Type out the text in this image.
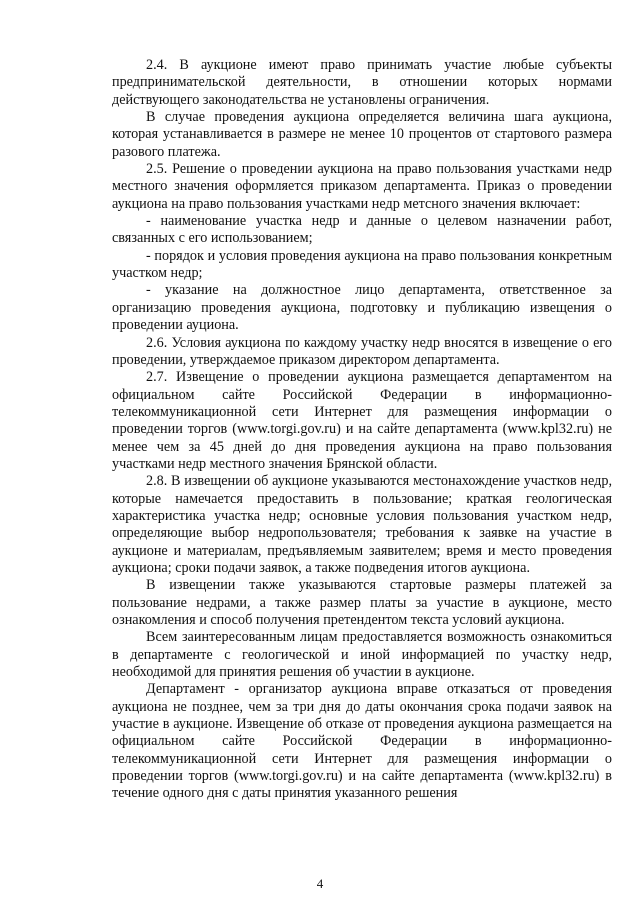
2.4. В аукционе имеют право принимать участие любые субъекты предпринимательской деятельности, в отношении которых нормами действующего законодательства не установлены ограничения.

В случае проведения аукциона определяется величина шага аукциона, которая устанавливается в размере не менее 10 процентов от стартового размера разового платежа.

2.5. Решение о проведении аукциона на право пользования участками недр местного значения оформляется приказом департамента. Приказ о проведении аукциона на право пользования участками недр метсного значения включает:

- наименование участка недр и данные о целевом назначении работ, связанных с его использованием;

- порядок и условия проведения аукциона на право пользования конкретным участком недр;

- указание на должностное лицо департамента, ответственное за организацию проведения аукциона, подготовку и публикацию извещения о проведении ауциона.

2.6. Условия аукциона по каждому участку недр вносятся в извещение о его проведении, утверждаемое приказом директором департамента.

2.7. Извещение о проведении аукциона размещается департаментом на официальном сайте Российской Федерации в информационно-телекоммуникационной сети Интернет для размещения информации о проведении торгов (www.torgi.gov.ru) и на сайте департамента (www.kpl32.ru) не менее чем за 45 дней до дня проведения аукциона на право пользования участками недр местного значения Брянской области.

2.8. В извещении об аукционе указываются местонахождение участков недр, которые намечается предоставить в пользование; краткая геологическая характеристика участка недр; основные условия пользования участком недр, определяющие выбор недропользователя; требования к заявке на участие в аукционе и материалам, предъявляемым заявителем; время и место проведения аукциона; сроки подачи заявок, а также подведения итогов аукциона.

В извещении также указываются стартовые размеры платежей за пользование недрами, а также размер платы за участие в аукционе, место ознакомления и способ получения претендентом текста условий аукциона.

Всем заинтересованным лицам предоставляется возможность ознакомиться в департаменте с геологической и иной информацией по участку недр, необходимой для принятия решения об участии в аукционе.

Департамент - организатор аукциона вправе отказаться от проведения аукциона не позднее, чем за три дня до даты окончания срока подачи заявок на участие в аукционе. Извещение об отказе от проведения аукциона размещается на официальном сайте Российской Федерации в информационно-телекоммуникационной сети Интернет для размещения информации о проведении торгов (www.torgi.gov.ru) и на сайте департамента (www.kpl32.ru) в течение одного дня с даты принятия указанного решения

4
